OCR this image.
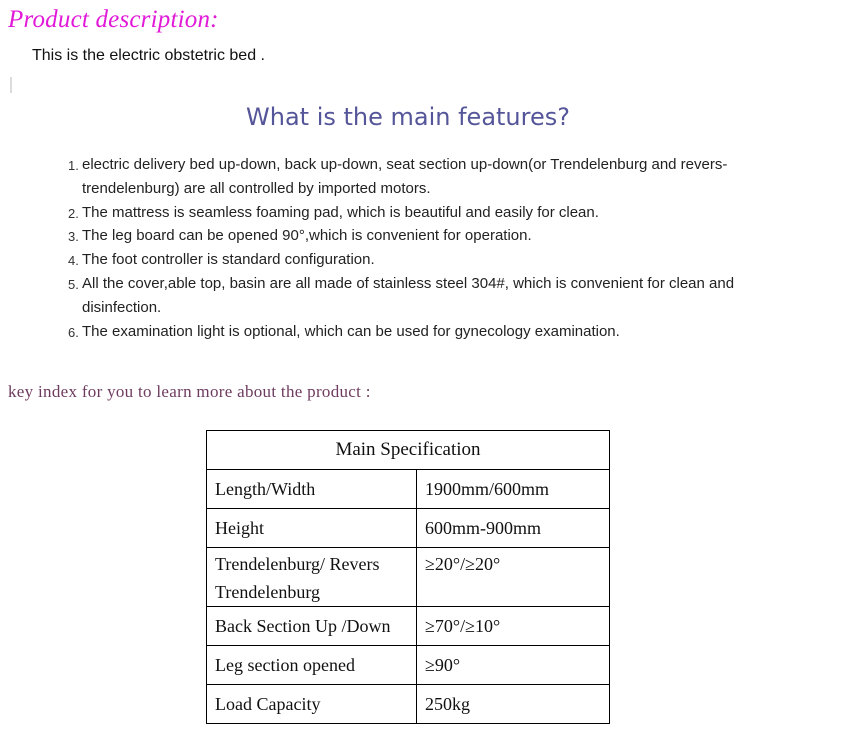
Product description:
This is the electric obstetric bed .
What is the main features?
1. electric delivery bed up-down, back up-down, seat section up-down(or Trendelenburg and revers-trendelenburg) are all controlled by imported motors.
2. The mattress is seamless foaming pad, which is beautiful and easily for clean.
3. The leg board can be opened 90°,which is convenient for operation.
4. The foot controller is standard configuration.
5. All the cover,able top, basin are all made of stainless steel 304#, which is convenient for clean and disinfection.
6. The examination light is optional, which can be used for gynecology examination.
key index for you to learn more about the product :
Main Specification	
Length/Width	1900mm/600mm
Height	600mm-900mm
Trendelenburg/ Revers Trendelenburg	≥20°/≥20°
Back Section Up /Down	≥70°/≥10°
Leg section opened	≥90°
Load Capacity	250kg
